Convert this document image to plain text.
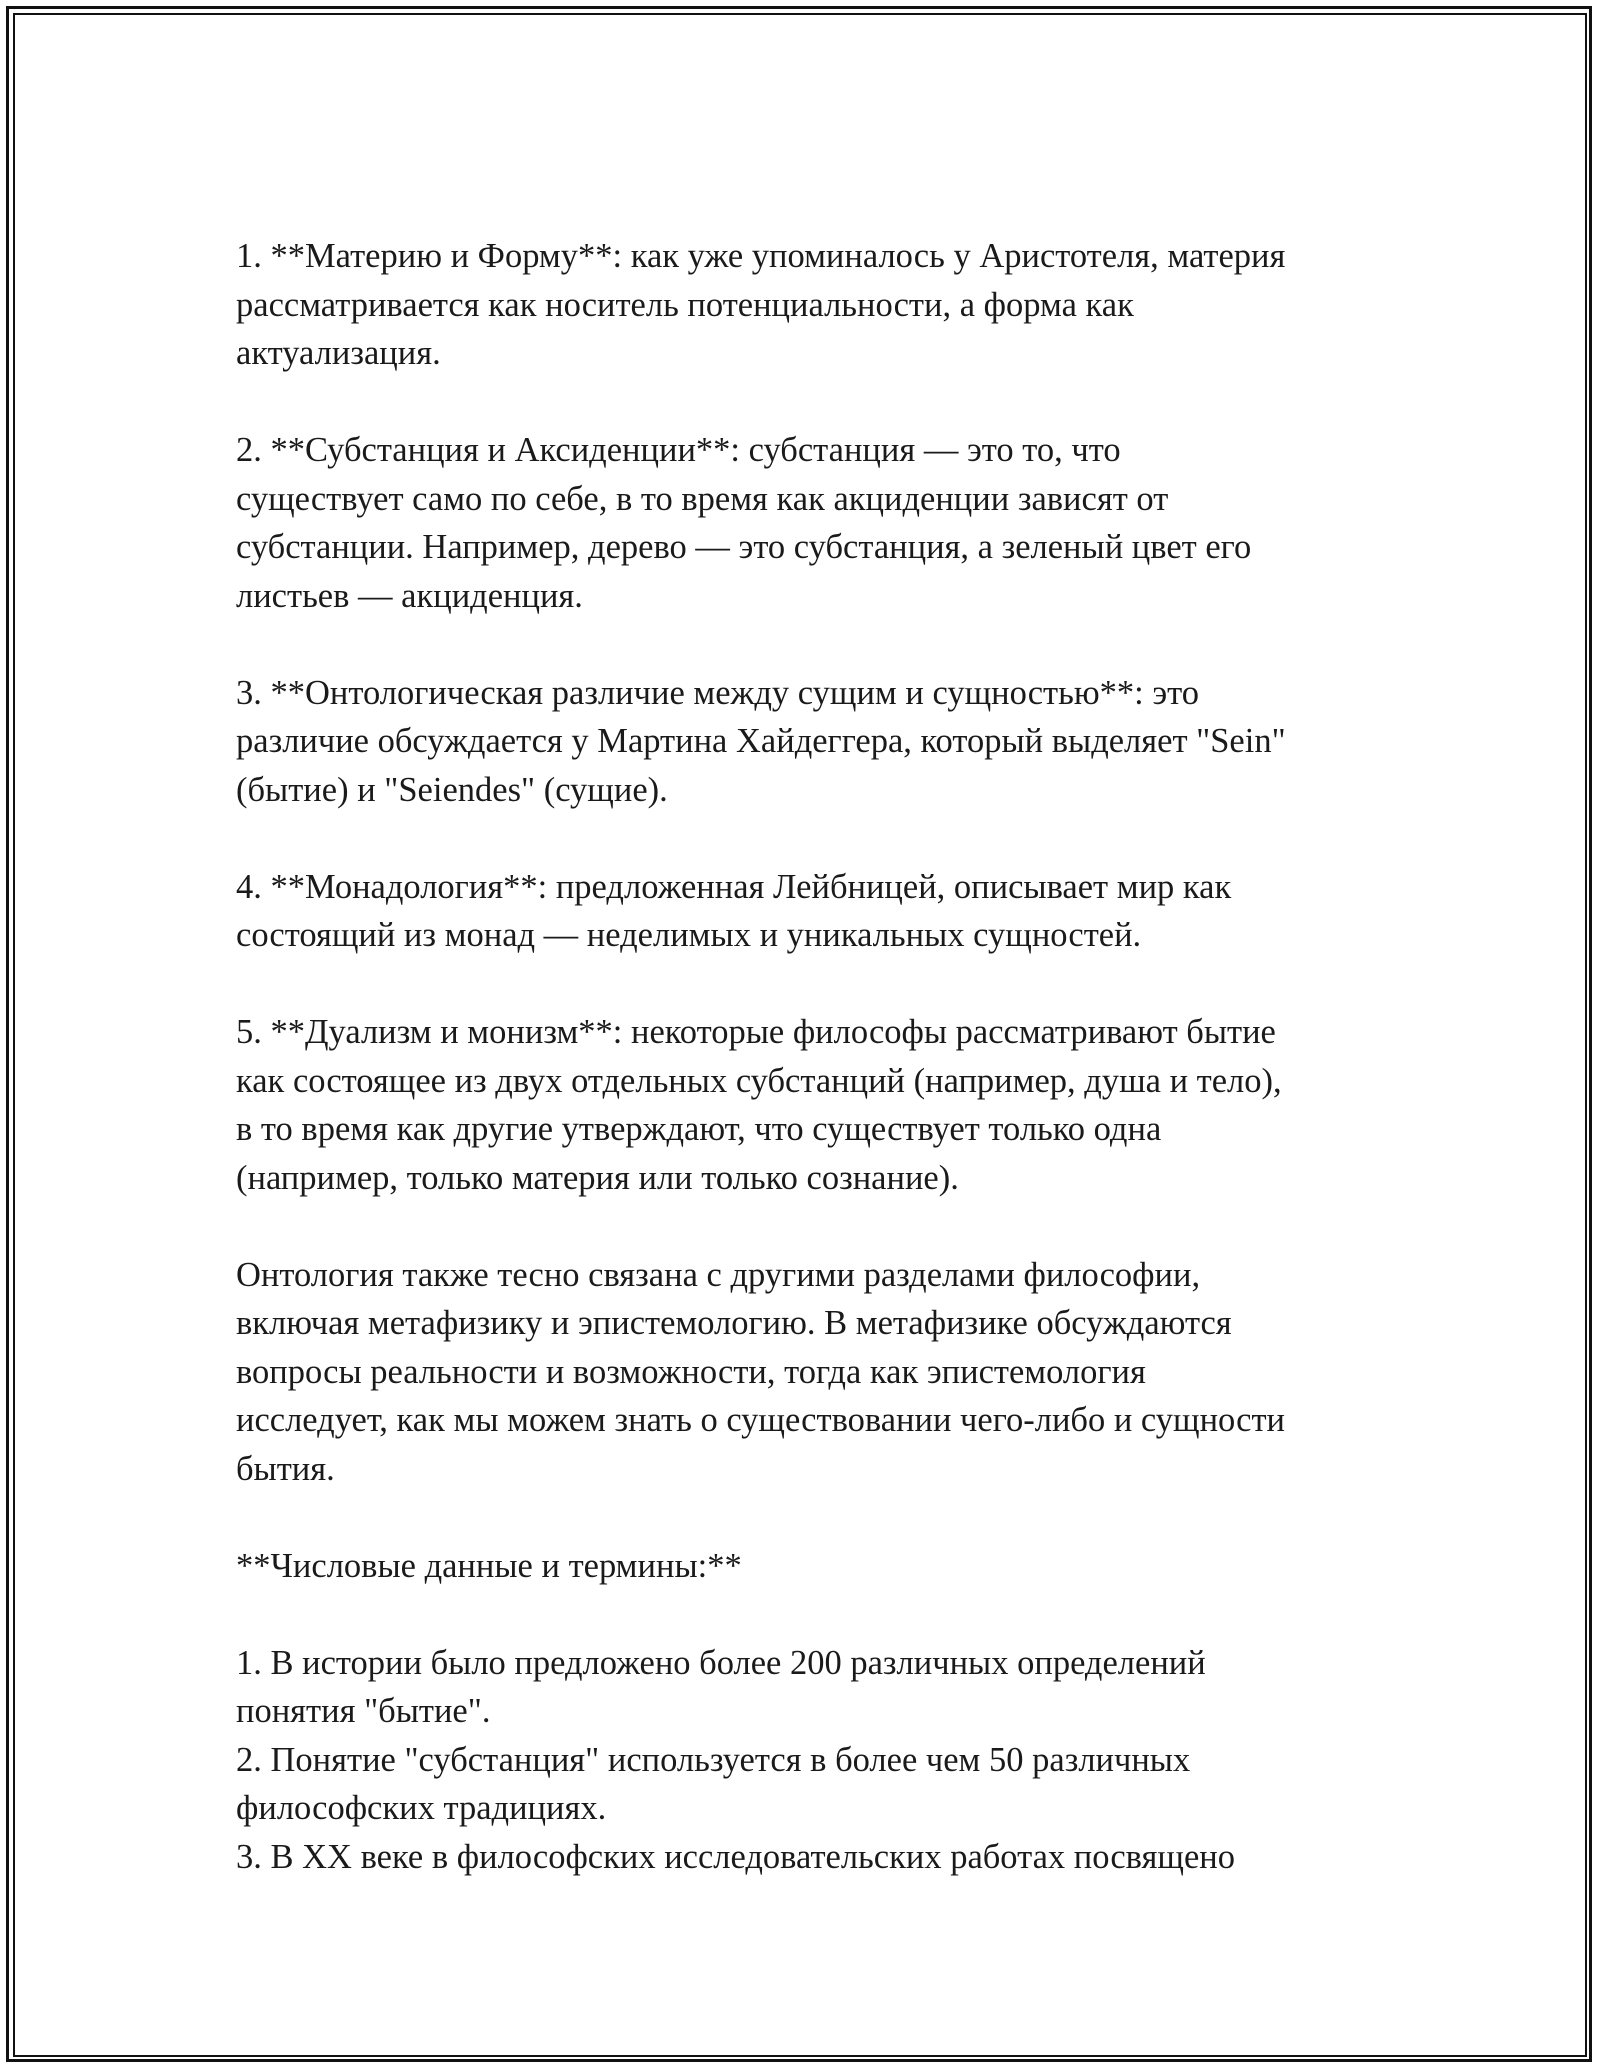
1. **Материю и Форму**: как уже упоминалось у Аристотеля, материя
рассматривается как носитель потенциальности, а форма как
актуализация.
2. **Субстанция и Аксиденции**: субстанция — это то, что
существует само по себе, в то время как акциденции зависят от
субстанции. Например, дерево — это субстанция, а зеленый цвет его
листьев — акциденция.
3. **Онтологическая различие между сущим и сущностью**: это
различие обсуждается у Мартина Хайдеггера, который выделяет "Sein"
(бытие) и "Seiendes" (сущие).
4. **Монадология**: предложенная Лейбницей, описывает мир как
состоящий из монад — неделимых и уникальных сущностей.
5. **Дуализм и монизм**: некоторые философы рассматривают бытие
как состоящее из двух отдельных субстанций (например, душа и тело),
в то время как другие утверждают, что существует только одна
(например, только материя или только сознание).
Онтология также тесно связана с другими разделами философии,
включая метафизику и эпистемологию. В метафизике обсуждаются
вопросы реальности и возможности, тогда как эпистемология
исследует, как мы можем знать о существовании чего-либо и сущности
бытия.
**Числовые данные и термины:**
1. В истории было предложено более 200 различных определений
понятия "бытие".
2. Понятие "субстанция" используется в более чем 50 различных
философских традициях.
3. В XX веке в философских исследовательских работах посвящено
